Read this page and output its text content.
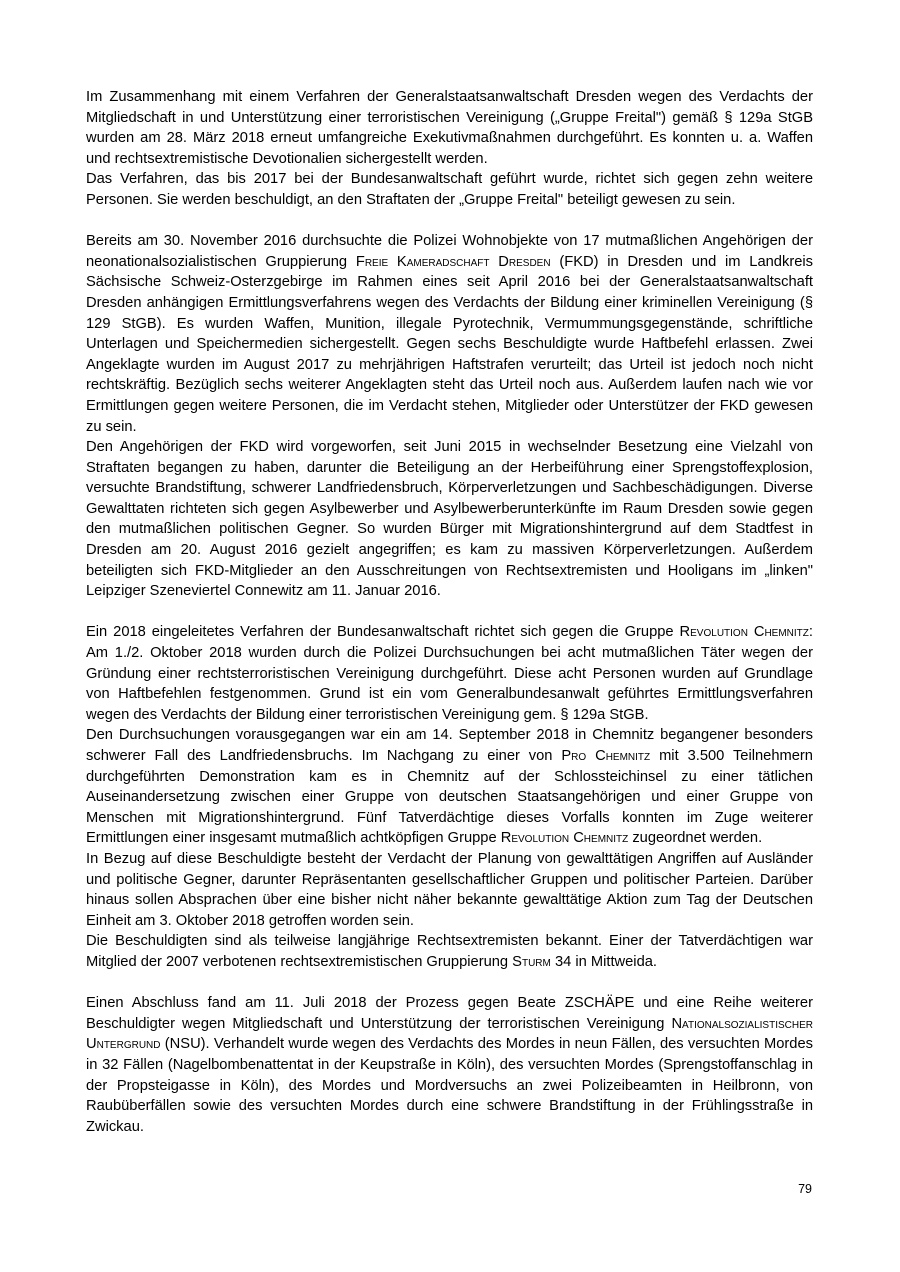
Im Zusammenhang mit einem Verfahren der Generalstaatsanwaltschaft Dresden wegen des Verdachts der Mitgliedschaft in und Unterstützung einer terroristischen Vereinigung („Gruppe Freital") gemäß § 129a StGB wurden am 28. März 2018 erneut umfangreiche Exekutivmaßnahmen durchgeführt. Es konnten u. a. Waffen und rechtsextremistische Devotionalien sichergestellt werden.

Das Verfahren, das bis 2017 bei der Bundesanwaltschaft geführt wurde, richtet sich gegen zehn weitere Personen. Sie werden beschuldigt, an den Straftaten der „Gruppe Freital" beteiligt gewesen zu sein.

Bereits am 30. November 2016 durchsuchte die Polizei Wohnobjekte von 17 mutmaßlichen Angehörigen der neonationalsozialistischen Gruppierung Freie Kameradschaft Dresden (FKD) in Dresden und im Landkreis Sächsische Schweiz-Osterzgebirge im Rahmen eines seit April 2016 bei der Generalstaatsanwaltschaft Dresden anhängigen Ermittlungsverfahrens wegen des Verdachts der Bildung einer kriminellen Vereinigung (§ 129 StGB). Es wurden Waffen, Munition, illegale Pyrotechnik, Vermummungsgegenstände, schriftliche Unterlagen und Speichermedien sichergestellt. Gegen sechs Beschuldigte wurde Haftbefehl erlassen. Zwei Angeklagte wurden im August 2017 zu mehrjährigen Haftstrafen verurteilt; das Urteil ist jedoch noch nicht rechtskräftig. Bezüglich sechs weiterer Angeklagten steht das Urteil noch aus. Außerdem laufen nach wie vor Ermittlungen gegen weitere Personen, die im Verdacht stehen, Mitglieder oder Unterstützer der FKD gewesen zu sein.

Den Angehörigen der FKD wird vorgeworfen, seit Juni 2015 in wechselnder Besetzung eine Vielzahl von Straftaten begangen zu haben, darunter die Beteiligung an der Herbeiführung einer Sprengstoffexplosion, versuchte Brandstiftung, schwerer Landfriedensbruch, Körperverletzungen und Sachbeschädigungen. Diverse Gewalttaten richteten sich gegen Asylbewerber und Asylbewerberunterkünfte im Raum Dresden sowie gegen den mutmaßlichen politischen Gegner. So wurden Bürger mit Migrationshintergrund auf dem Stadtfest in Dresden am 20. August 2016 gezielt angegriffen; es kam zu massiven Körperverletzungen. Außerdem beteiligten sich FKD-Mitglieder an den Ausschreitungen von Rechtsextremisten und Hooligans im „linken" Leipziger Szeneviertel Connewitz am 11. Januar 2016.

Ein 2018 eingeleitetes Verfahren der Bundesanwaltschaft richtet sich gegen die Gruppe Revolution Chemnitz: Am 1./2. Oktober 2018 wurden durch die Polizei Durchsuchungen bei acht mutmaßlichen Täter wegen der Gründung einer rechtsterroristischen Vereinigung durchgeführt. Diese acht Personen wurden auf Grundlage von Haftbefehlen festgenommen. Grund ist ein vom Generalbundesanwalt geführtes Ermittlungsverfahren wegen des Verdachts der Bildung einer terroristischen Vereinigung gem. § 129a StGB.

Den Durchsuchungen vorausgegangen war ein am 14. September 2018 in Chemnitz begangener besonders schwerer Fall des Landfriedensbruchs. Im Nachgang zu einer von Pro Chemnitz mit 3.500 Teilnehmern durchgeführten Demonstration kam es in Chemnitz auf der Schlossteichinsel zu einer tätlichen Auseinandersetzung zwischen einer Gruppe von deutschen Staatsangehörigen und einer Gruppe von Menschen mit Migrationshintergrund. Fünf Tatverdächtige dieses Vorfalls konnten im Zuge weiterer Ermittlungen einer insgesamt mutmaßlich achtköpfigen Gruppe Revolution Chemnitz zugeordnet werden.

In Bezug auf diese Beschuldigte besteht der Verdacht der Planung von gewalttätigen Angriffen auf Ausländer und politische Gegner, darunter Repräsentanten gesellschaftlicher Gruppen und politischer Parteien. Darüber hinaus sollen Absprachen über eine bisher nicht näher bekannte gewalttätige Aktion zum Tag der Deutschen Einheit am 3. Oktober 2018 getroffen worden sein.

Die Beschuldigten sind als teilweise langjährige Rechtsextremisten bekannt. Einer der Tatverdächtigen war Mitglied der 2007 verbotenen rechtsextremistischen Gruppierung Sturm 34 in Mittweida.

Einen Abschluss fand am 11. Juli 2018 der Prozess gegen Beate ZSCHÄPE und eine Reihe weiterer Beschuldigter wegen Mitgliedschaft und Unterstützung der terroristischen Vereinigung Nationalsozialistischer Untergrund (NSU). Verhandelt wurde wegen des Verdachts des Mordes in neun Fällen, des versuchten Mordes in 32 Fällen (Nagelbombenattentat in der Keupstraße in Köln), des versuchten Mordes (Sprengstoffanschlag in der Propsteigasse in Köln), des Mordes und Mordversuchs an zwei Polizeibeamten in Heilbronn, von Raubüberfällen sowie des versuchten Mordes durch eine schwere Brandstiftung in der Frühlingsstraße in Zwickau.

79
